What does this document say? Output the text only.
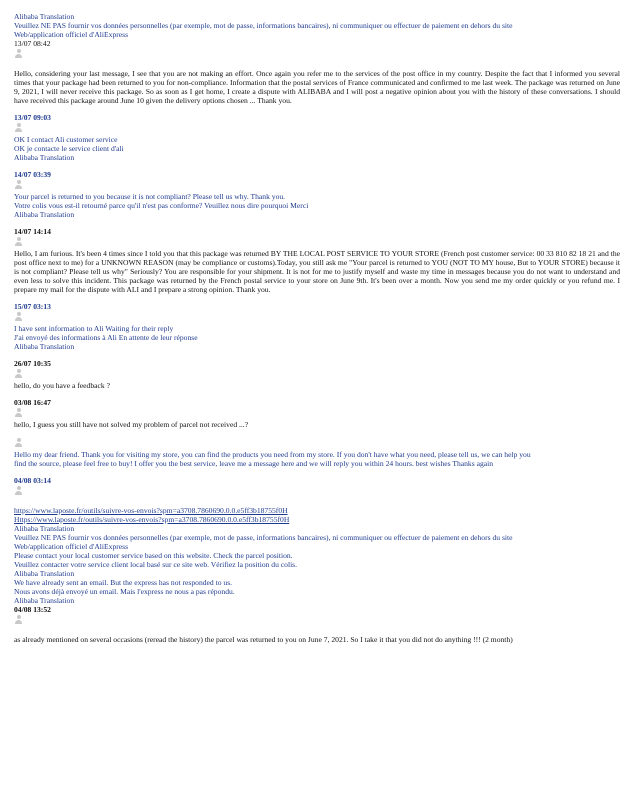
Alibaba Translation
Veuillez NE PAS fournir vos données personnelles (par exemple, mot de passe, informations bancaires), ni communiquer ou effectuer de paiement en dehors du site
Web/application officiel d'AliExpress
13/07 08:42
Hello, considering your last message, I see that you are not making an effort. Once again you refer me to the services of the post office in my country. Despite the fact that I informed you several times that your package had been returned to you for non-compliance. Information that the postal services of France communicated and confirmed to me last week. The package was returned on June 9, 2021, I will never receive this package. So as soon as I get home, I create a dispute with ALIBABA and I will post a negative opinion about you with the history of these conversations. I should have received this package around June 10 given the delivery options chosen ... Thank you.
13/07 09:03
OK I contact Ali customer service
OK je contacte le service client d'ali
Alibaba Translation
14/07 03:39
Your parcel is returned to you because it is not compliant? Please tell us why. Thank you.
Votre colis vous est-il retourné parce qu'il n'est pas conforme? Veuillez nous dire pourquoi Merci
Alibaba Translation
14/07 14:14
Hello, I am furious. It's been 4 times since I told you that this package was returned BY THE LOCAL POST SERVICE TO YOUR STORE (French post customer service: 00 33 810 82 18 21 and the post office next to me) for a UNKNOWN REASON (may be compliance or customs).Today, you still ask me "Your parcel is returned to YOU (NOT TO MY house, But to YOUR STORE) because it is not compliant? Please tell us why" Seriously? You are responsible for your shipment. It is not for me to justify myself and waste my time in messages because you do not want to understand and even less to solve this incident. This package was returned by the French postal service to your store on June 9th. It's been over a month. Now you send me my order quickly or you refund me. I prepare my mail for the dispute with ALI and I prepare a strong opinion. Thank you.
15/07 03:13
I have sent information to Ali Waiting for their reply
J'ai envoyé des informations à Ali En attente de leur réponse
Alibaba Translation
26/07 10:35
hello, do you have a feedback ?
03/08 16:47
hello, I guess you still have not solved my problem of parcel not received ...?
Hello my dear friend. Thank you for visiting my store, you can find the products you need from my store. If you don't have what you need, please tell us, we can help you
find the source, please feel free to buy! I offer you the best service, leave me a message here and we will reply you within 24 hours. best wishes Thanks again
04/08 03:14
https://www.laposte.fr/outils/suivre-vos-envois?spm=a3708.7860690.0.0.e5ff3b18755f0H
Https://www.laposte.fr/outils/suivre-vos-envois?spm=a3708.7860690.0.0.e5ff3b18755f0H
Alibaba Translation
Veuillez NE PAS fournir vos données personnelles (par exemple, mot de passe, informations bancaires), ni communiquer ou effectuer de paiement en dehors du site
Web/application officiel d'AliExpress
Please contact your local customer service based on this website. Check the parcel position.
Veuillez contacter votre service client local basé sur ce site web. Vérifiez la position du colis.
Alibaba Translation
We have already sent an email. But the express has not responded to us.
Nous avons déjà envoyé un email. Mais l'express ne nous a pas répondu.
Alibaba Translation
04/08 13:52
as already mentioned on several occasions (reread the history) the parcel was returned to you on June 7, 2021. So I take it that you did not do anything !!! (2 month)
